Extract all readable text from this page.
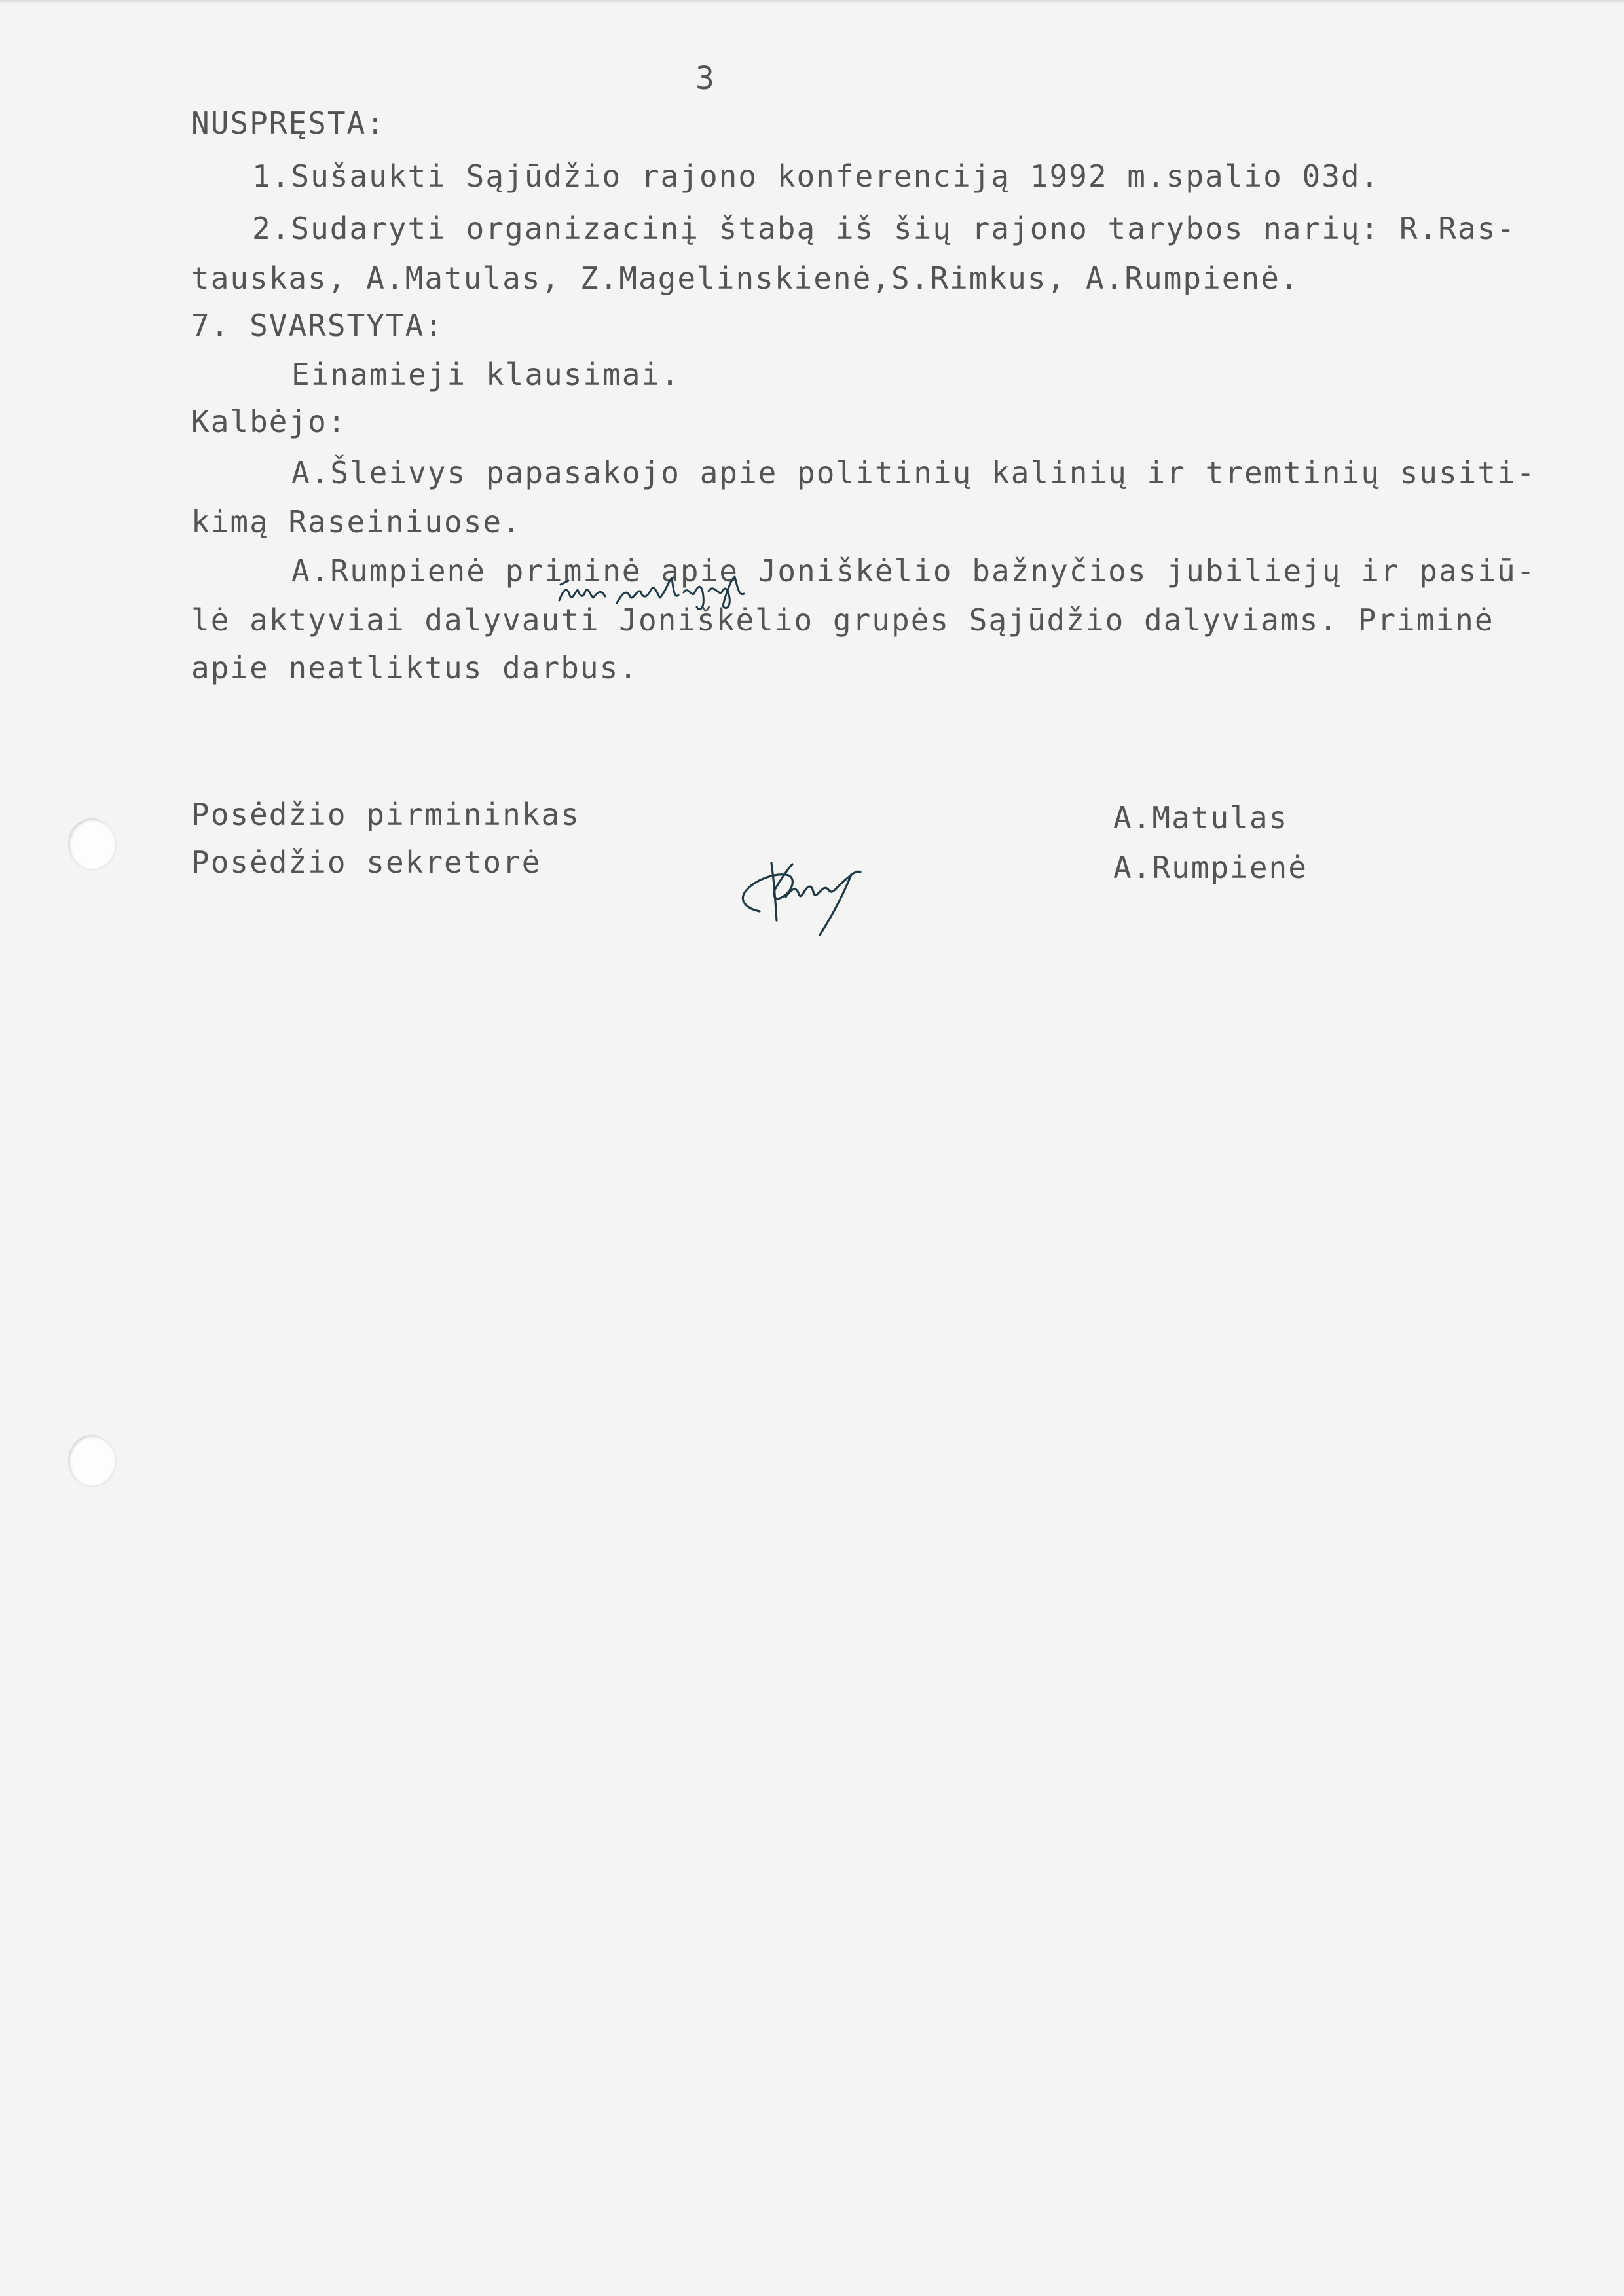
3
NUSPRĘSTA:
1.Sušaukti Sąjūdžio rajono konferenciją 1992 m.spalio 03d.
2.Sudaryti organizacinį štabą iš šių rajono tarybos narių: R.Ras-
tauskas, A.Matulas, Z.Magelinskienė,S.Rimkus, A.Rumpienė.
7. SVARSTYTA:
Einamieji klausimai.
Kalbėjo:
A.Šleivys papasakojo apie politinių kalinių ir tremtinių susiti-
kimą Raseiniuose.
A.Rumpienė priminė apie Joniškėlio bažnyčios jubiliejų ir pasiū-
lė aktyviai dalyvauti Joniškėlio grupės Sąjūdžio dalyviams. Priminė
apie neatliktus darbus.
Posėdžio pirmininkas
Posėdžio sekretorė
A.Matulas
A.Rumpienė
